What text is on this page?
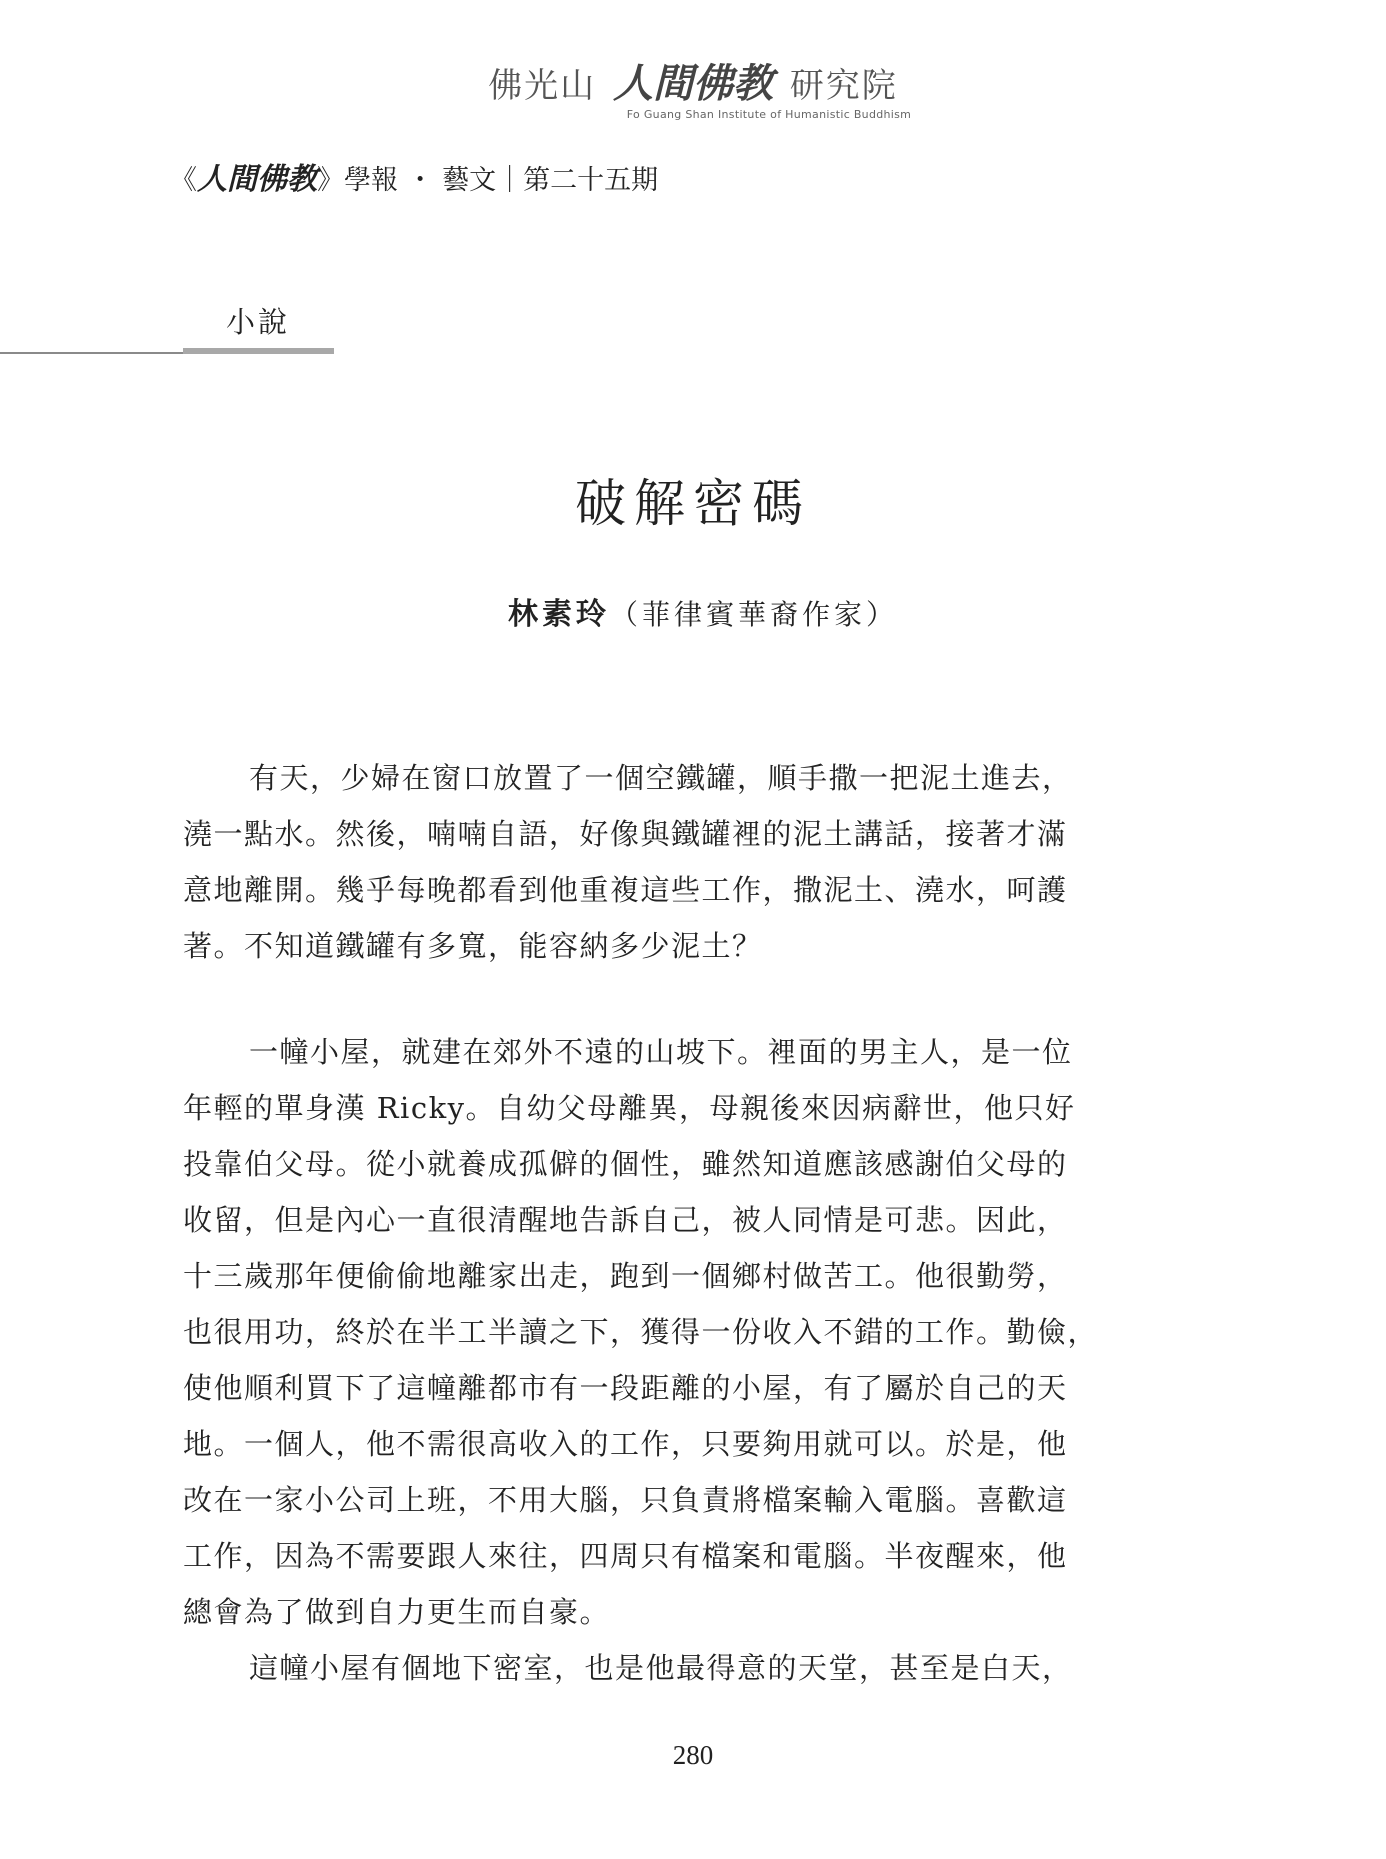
佛光山 人間佛教 研究院
Fo Guang Shan Institute of Humanistic Buddhism
《人間佛教》學報 ・ 藝文｜第二十五期
小說
破解密碼
林素玲（菲律賓華裔作家）
有天，少婦在窗口放置了一個空鐵罐，順手撒一把泥土進去，
澆一點水。然後，喃喃自語，好像與鐵罐裡的泥土講話，接著才滿
意地離開。幾乎每晚都看到他重複這些工作，撒泥土、澆水，呵護
著。不知道鐵罐有多寬，能容納多少泥土？
一幢小屋，就建在郊外不遠的山坡下。裡面的男主人，是一位
年輕的單身漢 Ricky。自幼父母離異，母親後來因病辭世，他只好
投靠伯父母。從小就養成孤僻的個性，雖然知道應該感謝伯父母的
收留，但是內心一直很清醒地告訴自己，被人同情是可悲。因此，
十三歲那年便偷偷地離家出走，跑到一個鄉村做苦工。他很勤勞，
也很用功，終於在半工半讀之下，獲得一份收入不錯的工作。勤儉，
使他順利買下了這幢離都市有一段距離的小屋，有了屬於自己的天
地。一個人，他不需很高收入的工作，只要夠用就可以。於是，他
改在一家小公司上班，不用大腦，只負責將檔案輸入電腦。喜歡這
工作，因為不需要跟人來往，四周只有檔案和電腦。半夜醒來，他
總會為了做到自力更生而自豪。
這幢小屋有個地下密室，也是他最得意的天堂，甚至是白天，
280
